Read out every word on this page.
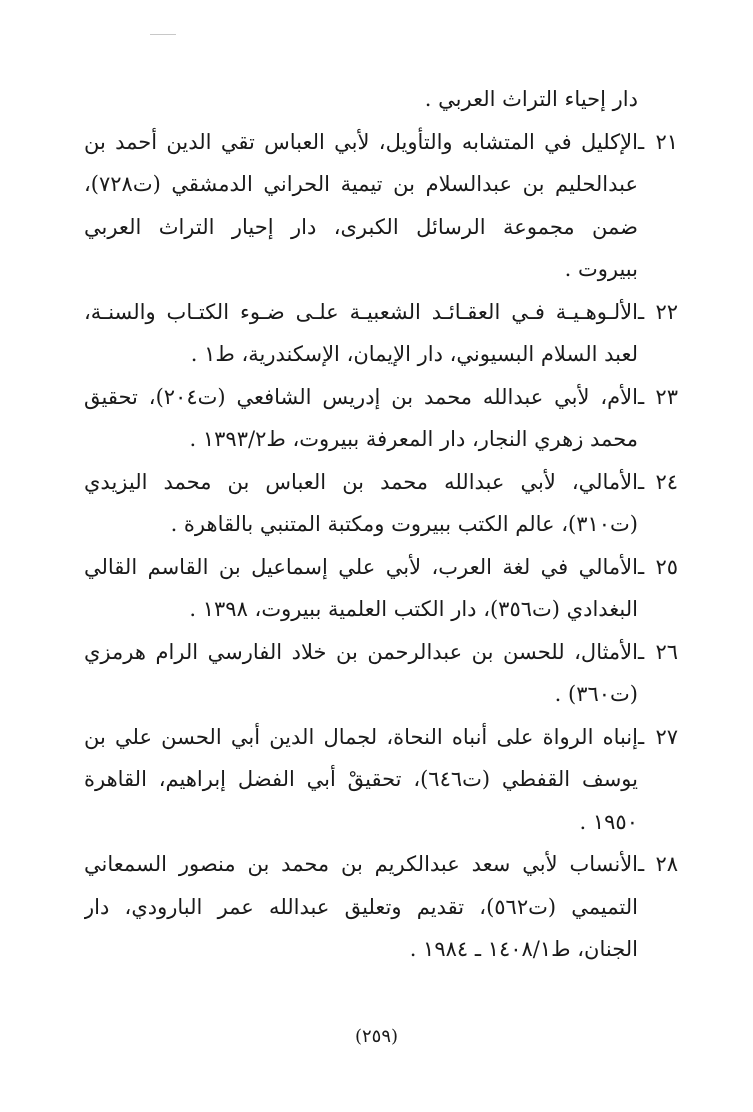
دار إحياء التراث العربي .
٢١ ـالإكليل في المتشابه والتأويل، لأبي العباس تقي الدين أحمد بن
عبدالحليم بن عبدالسلام بن تيمية الحراني الدمشقي (ت٧٢٨)،
ضمن مجموعة الرسائل الكبرى، دار إحيار التراث العربي
ببيروت .
٢٢ ـالألـوهـيـة فـي العقـائـد الشعبيـة علـى ضـوء الكتـاب والسنـة،
لعبد السلام البسيوني، دار الإيمان، الإسكندرية، ط١ .
٢٣ ـالأم، لأبي عبدالله محمد بن إدريس الشافعي (ت٢٠٤)، تحقيق
محمد زهري النجار، دار المعرفة ببيروت، ط١٣٩٣/٢ .
٢٤ ـالأمالي، لأبي عبدالله محمد بن العباس بن محمد اليزيدي
(ت٣١٠)، عالم الكتب ببيروت ومكتبة المتنبي بالقاهرة .
٢٥ ـالأمالي في لغة العرب، لأبي علي إسماعيل بن القاسم القالي
البغدادي (ت٣٥٦)، دار الكتب العلمية ببيروت، ١٣٩٨ .
٢٦ ـالأمثال، للحسن بن عبدالرحمن بن خلاد الفارسي الرام هرمزي
(ت٣٦٠) .
٢٧ ـإنباه الرواة على أنباه النحاة، لجمال الدين أبي الحسن علي بن
يوسف القفطي (ت٦٤٦)، تحقيقْ أبي الفضل إبراهيم، القاهرة
١٩٥٠ .
٢٨ ـالأنساب لأبي سعد عبدالكريم بن محمد بن منصور السمعاني
التميمي (ت٥٦٢)، تقديم وتعليق عبدالله عمر البارودي، دار
الجنان، ط١٤٠٨/١ ـ ١٩٨٤ .
(٢٥٩)
